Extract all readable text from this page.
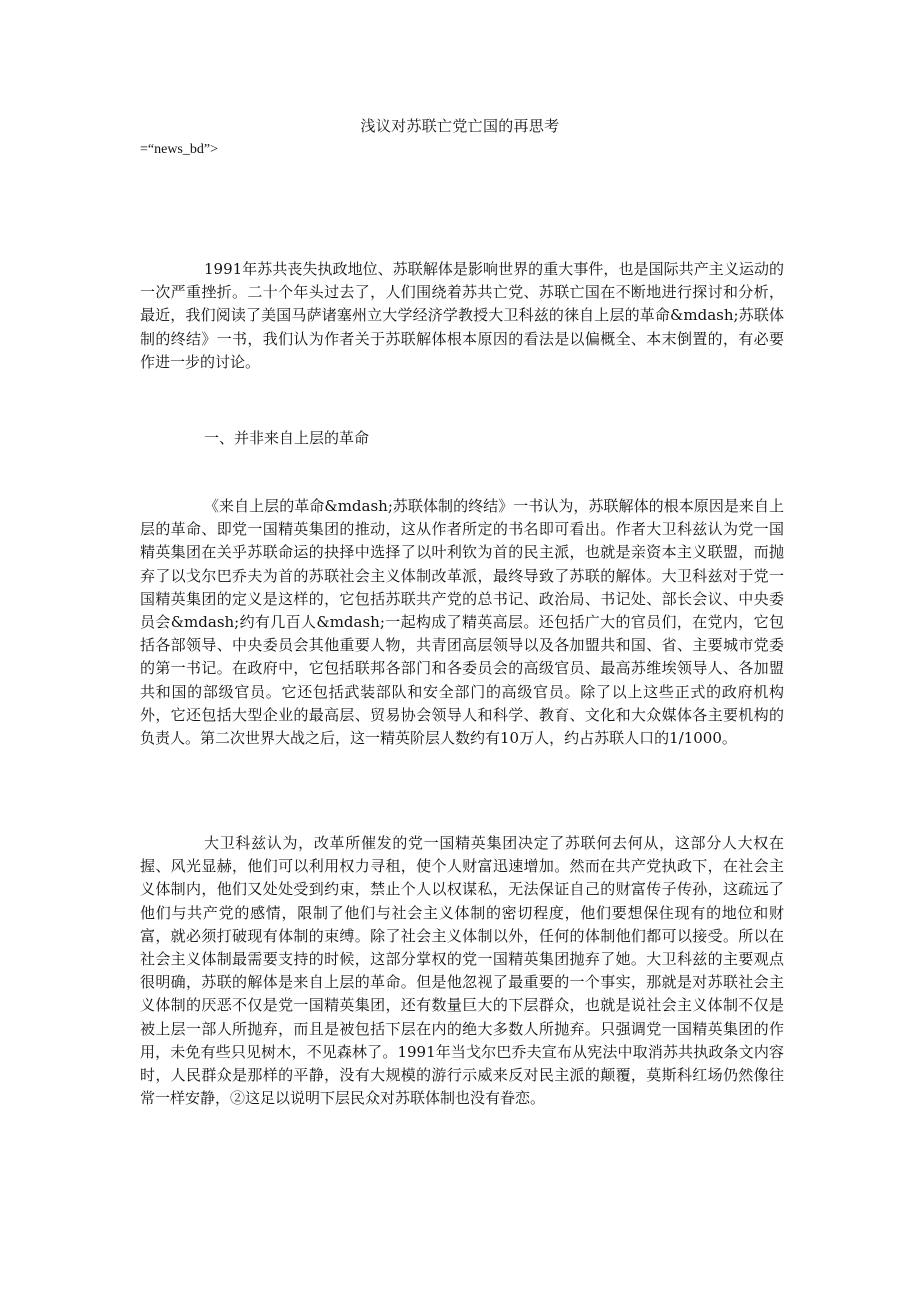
浅议对苏联亡党亡国的再思考
=“news_bd”>

1991年苏共丧失执政地位、苏联解体是影响世界的重大事件，也是国际共产主义运动的一次严重挫折。二十个年头过去了，人们围绕着苏共亡党、苏联亡国在不断地进行探讨和分析，最近，我们阅读了美国马萨诸塞州立大学经济学教授大卫科兹的徕自上层的革命&mdash;苏联体制的终结》一书，我们认为作者关于苏联解体根本原因的看法是以偏概全、本末倒置的，有必要作进一步的讨论。

一、并非来自上层的革命

《来自上层的革命&mdash;苏联体制的终结》一书认为，苏联解体的根本原因是来自上层的革命、即党一国精英集团的推动，这从作者所定的书名即可看出。作者大卫科兹认为党一国精英集团在关乎苏联命运的抉择中选择了以叶利钦为首的民主派，也就是亲资本主义联盟，而抛弃了以戈尔巴乔夫为首的苏联社会主义体制改革派，最终导致了苏联的解体。大卫科兹对于党一国精英集团的定义是这样的，它包括苏联共产党的总书记、政治局、书记处、部长会议、中央委员会&mdash;约有几百人&mdash;一起构成了精英高层。还包括广大的官员们，在党内，它包括各部领导、中央委员会其他重要人物，共青团高层领导以及各加盟共和国、省、主要城市党委的第一书记。在政府中，它包括联邦各部门和各委员会的高级官员、最高苏维埃领导人、各加盟共和国的部级官员。它还包括武装部队和安全部门的高级官员。除了以上这些正式的政府机构外，它还包括大型企业的最高层、贸易协会领导人和科学、教育、文化和大众媒体各主要机构的负责人。第二次世界大战之后，这一精英阶层人数约有10万人，约占苏联人口的1/1000。

大卫科兹认为，改革所催发的党一国精英集团决定了苏联何去何从，这部分人大权在握、风光显赫，他们可以利用权力寻租，使个人财富迅速增加。然而在共产党执政下，在社会主义体制内，他们又处处受到约束，禁止个人以权谋私，无法保证自己的财富传子传孙，这疏远了他们与共产党的感情，限制了他们与社会主义体制的密切程度，他们要想保住现有的地位和财富，就必须打破现有体制的束缚。除了社会主义体制以外，任何的体制他们都可以接受。所以在社会主义体制最需要支持的时候，这部分掌权的党一国精英集团抛弃了她。大卫科兹的主要观点很明确，苏联的解体是来自上层的革命。但是他忽视了最重要的一个事实，那就是对苏联社会主义体制的厌恶不仅是党一国精英集团，还有数量巨大的下层群众，也就是说社会主义体制不仅是被上层一部人所抛弃，而且是被包括下层在内的绝大多数人所抛弃。只强调党一国精英集团的作用，未免有些只见树木，不见森林了。1991年当戈尔巴乔夫宣布从宪法中取消苏共执政条文内容时，人民群众是那样的平静，没有大规模的游行示威来反对民主派的颠覆，莫斯科红场仍然像往常一样安静，②这足以说明下层民众对苏联体制也没有眷恋。
